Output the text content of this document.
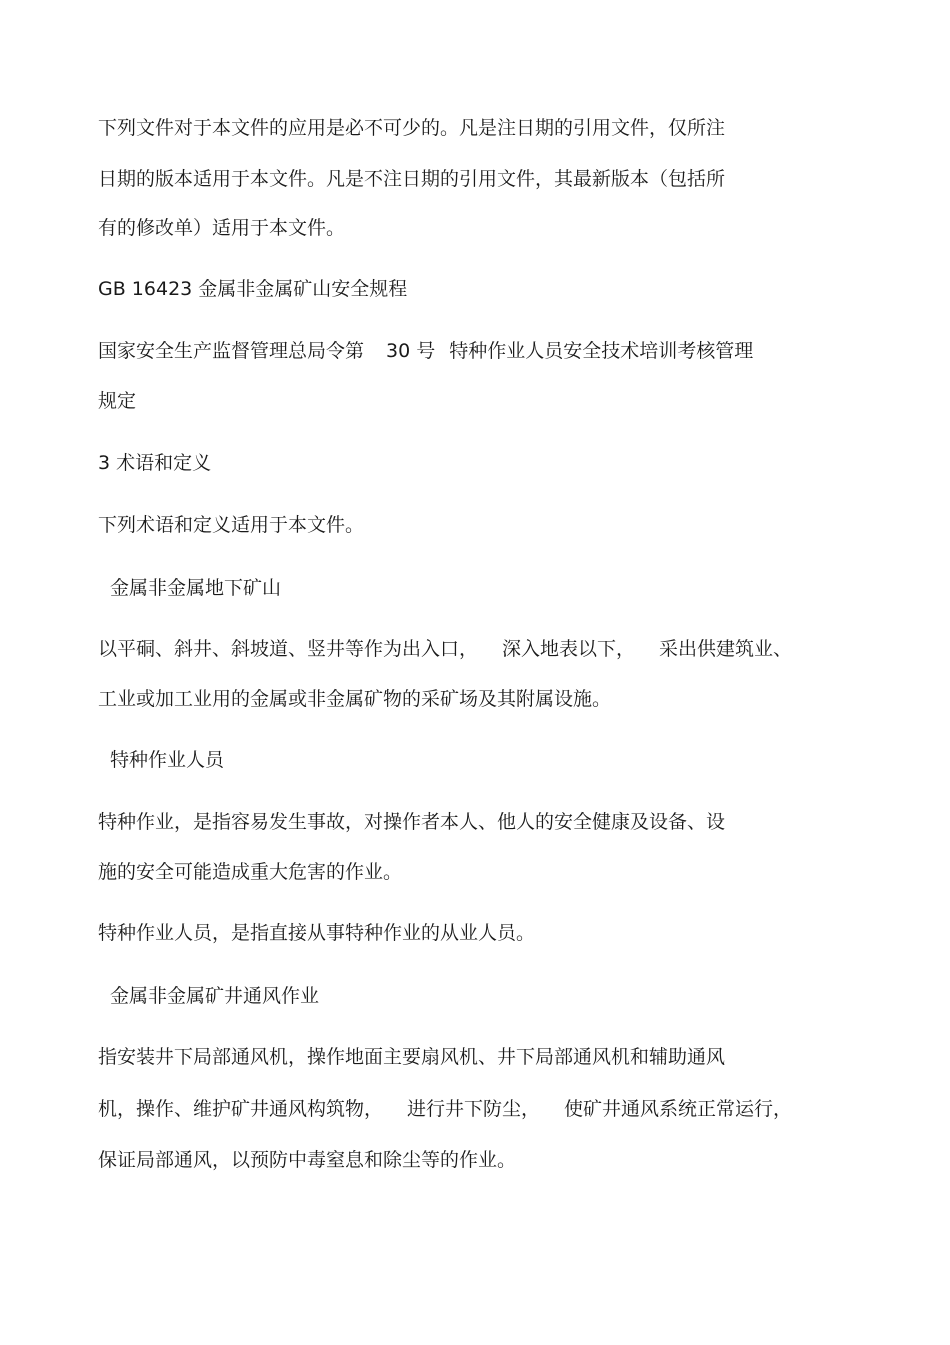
下列文件对于本文件的应用是必不可少的。凡是注日期的引用文件，仅所注
日期的版本适用于本文件。凡是不注日期的引用文件，其最新版本（包括所
有的修改单）适用于本文件。
GB 16423 金属非金属矿山安全规程
国家安全生产监督管理总局令第 30 号 特种作业人员安全技术培训考核管理
规定
3 术语和定义
下列术语和定义适用于本文件。
金属非金属地下矿山
以平硐、斜井、斜坡道、竖井等作为出入口， 深入地表以下， 采出供建筑业、
工业或加工业用的金属或非金属矿物的采矿场及其附属设施。
特种作业人员
特种作业，是指容易发生事故，对操作者本人、他人的安全健康及设备、设
施的安全可能造成重大危害的作业。
特种作业人员，是指直接从事特种作业的从业人员。
金属非金属矿井通风作业
指安装井下局部通风机，操作地面主要扇风机、井下局部通风机和辅助通风
机，操作、维护矿井通风构筑物， 进行井下防尘， 使矿井通风系统正常运行，
保证局部通风，以预防中毒窒息和除尘等的作业。
